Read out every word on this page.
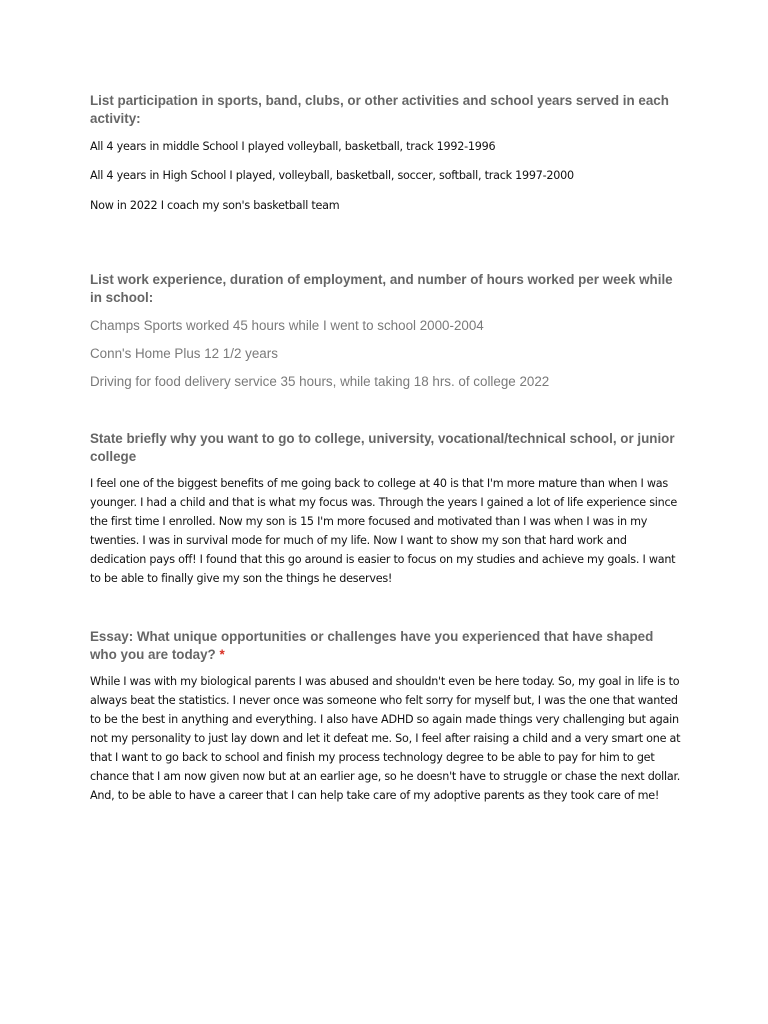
List participation in sports, band, clubs, or other activities and school years served in each activity:

All 4 years in middle School I played volleyball, basketball, track 1992-1996

All 4 years in High School I played, volleyball, basketball, soccer, softball, track 1997-2000

Now in 2022 I coach my son's basketball team

List work experience, duration of employment, and number of hours worked per week while in school:

Champs Sports worked 45 hours while I went to school 2000-2004

Conn's Home Plus 12 1/2 years

Driving for food delivery service 35 hours, while taking 18 hrs. of college 2022

State briefly why you want to go to college, university, vocational/technical school, or junior college

I feel one of the biggest benefits of me going back to college at 40 is that I'm more mature than when I was younger. I had a child and that is what my focus was. Through the years I gained a lot of life experience since the first time I enrolled. Now my son is 15 I'm more focused and motivated than I was when I was in my twenties. I was in survival mode for much of my life. Now I want to show my son that hard work and dedication pays off! I found that this go around is easier to focus on my studies and achieve my goals. I want to be able to finally give my son the things he deserves!

Essay: What unique opportunities or challenges have you experienced that have shaped who you are today? *

While I was with my biological parents I was abused and shouldn't even be here today. So, my goal in life is to always beat the statistics. I never once was someone who felt sorry for myself but, I was the one that wanted to be the best in anything and everything. I also have ADHD so again made things very challenging but again not my personality to just lay down and let it defeat me. So, I feel after raising a child and a very smart one at that I want to go back to school and finish my process technology degree to be able to pay for him to get chance that I am now given now but at an earlier age, so he doesn't have to struggle or chase the next dollar. And, to be able to have a career that I can help take care of my adoptive parents as they took care of me!
